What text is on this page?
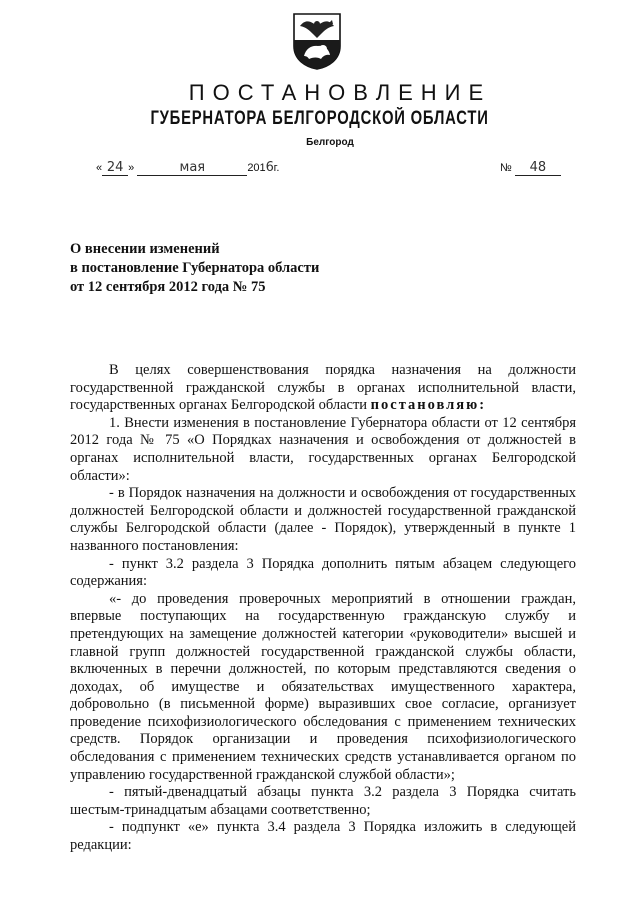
ПОСТАНОВЛЕНИЕ
ГУБЕРНАТОРА БЕЛГОРОДСКОЙ ОБЛАСТИ
Белгород
« 24 »	мая	2016г.	№ 48
О внесении изменений
в постановление Губернатора области
от 12 сентября 2012 года № 75

В целях совершенствования порядка назначения на должности государственной гражданской службы в органах исполнительной власти, государственных органах Белгородской области постановляю:

1. Внести изменения в постановление Губернатора области от 12 сентября 2012 года № 75 «О Порядках назначения и освобождения от должностей в органах исполнительной власти, государственных органах Белгородской области»:

- в Порядок назначения на должности и освобождения от государственных должностей Белгородской области и должностей государственной гражданской службы Белгородской области (далее - Порядок), утвержденный в пункте 1 названного постановления:

- пункт 3.2 раздела 3 Порядка дополнить пятым абзацем следующего содержания:

«- до проведения проверочных мероприятий в отношении граждан, впервые поступающих на государственную гражданскую службу и претендующих на замещение должностей категории «руководители» высшей и главной групп должностей государственной гражданской службы области, включенных в перечни должностей, по которым представляются сведения о доходах, об имуществе и обязательствах имущественного характера, добровольно (в письменной форме) выразивших свое согласие, организует проведение психофизиологического обследования с применением технических средств. Порядок организации и проведения психофизиологического обследования с применением технических средств устанавливается органом по управлению государственной гражданской службой области»;

- пятый-двенадцатый абзацы пункта 3.2 раздела 3 Порядка считать шестым-тринадцатым абзацами соответственно;

- подпункт «е» пункта 3.4 раздела 3 Порядка изложить в следующей редакции:
